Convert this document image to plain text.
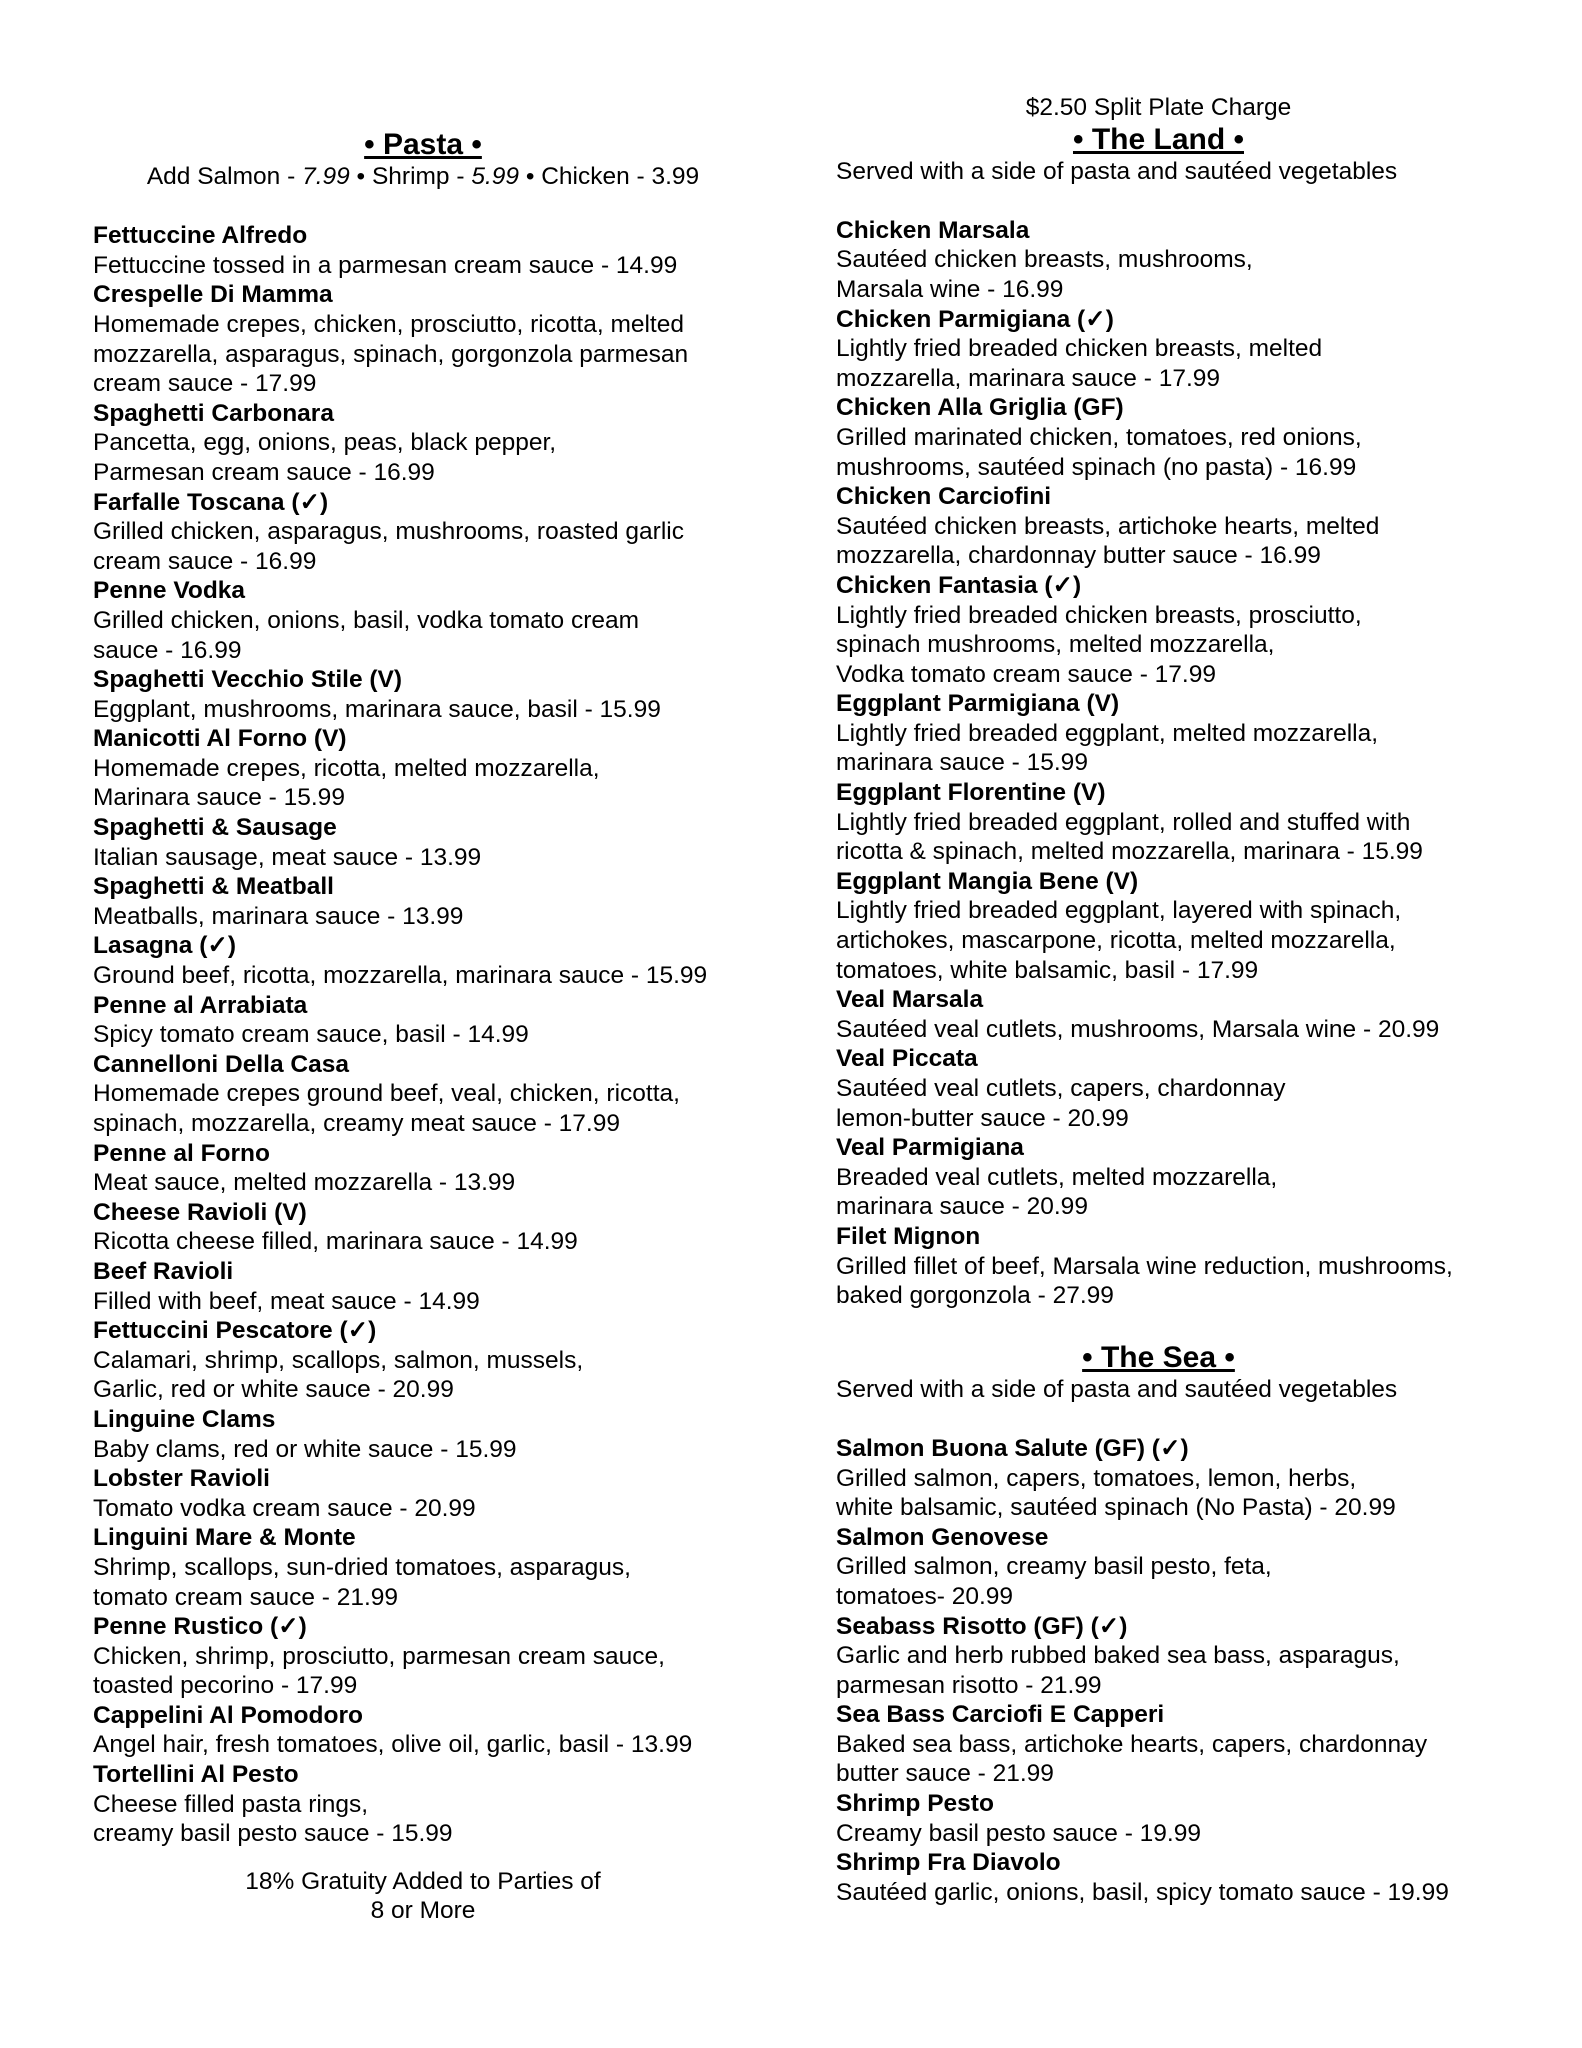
• Pasta •
Add Salmon - 7.99 • Shrimp - 5.99 • Chicken - 3.99
Fettuccine Alfredo
Fettuccine tossed in a parmesan cream sauce - 14.99
Crespelle Di Mamma
Homemade crepes, chicken, prosciutto, ricotta, melted
mozzarella, asparagus, spinach, gorgonzola parmesan
cream sauce - 17.99
Spaghetti Carbonara
Pancetta, egg, onions, peas, black pepper,
Parmesan cream sauce - 16.99
Farfalle Toscana (✓)
Grilled chicken, asparagus, mushrooms, roasted garlic
cream sauce - 16.99
Penne Vodka
Grilled chicken, onions, basil, vodka tomato cream
sauce - 16.99
Spaghetti Vecchio Stile (V)
Eggplant, mushrooms, marinara sauce, basil - 15.99
Manicotti Al Forno (V)
Homemade crepes, ricotta, melted mozzarella,
Marinara sauce - 15.99
Spaghetti & Sausage
Italian sausage, meat sauce - 13.99
Spaghetti & Meatball
Meatballs, marinara sauce - 13.99
Lasagna (✓)
Ground beef, ricotta, mozzarella, marinara sauce - 15.99
Penne al Arrabiata
Spicy tomato cream sauce, basil - 14.99
Cannelloni Della Casa
Homemade crepes ground beef, veal, chicken, ricotta,
spinach, mozzarella, creamy meat sauce - 17.99
Penne al Forno
Meat sauce, melted mozzarella - 13.99
Cheese Ravioli (V)
Ricotta cheese filled, marinara sauce - 14.99
Beef Ravioli
Filled with beef, meat sauce - 14.99
Fettuccini Pescatore (✓)
Calamari, shrimp, scallops, salmon, mussels,
Garlic, red or white sauce - 20.99
Linguine Clams
Baby clams, red or white sauce - 15.99
Lobster Ravioli
Tomato vodka cream sauce - 20.99
Linguini Mare & Monte
Shrimp, scallops, sun-dried tomatoes, asparagus,
tomato cream sauce - 21.99
Penne Rustico (✓)
Chicken, shrimp, prosciutto, parmesan cream sauce,
toasted pecorino - 17.99
Cappelini Al Pomodoro
Angel hair, fresh tomatoes, olive oil, garlic, basil - 13.99
Tortellini Al Pesto
Cheese filled pasta rings,
creamy basil pesto sauce - 15.99
18% Gratuity Added to Parties of
8 or More
$2.50 Split Plate Charge
• The Land •
Served with a side of pasta and sautéed vegetables
Chicken Marsala
Sautéed chicken breasts, mushrooms,
Marsala wine - 16.99
Chicken Parmigiana (✓)
Lightly fried breaded chicken breasts, melted
mozzarella, marinara sauce - 17.99
Chicken Alla Griglia (GF)
Grilled marinated chicken, tomatoes, red onions,
mushrooms, sautéed spinach (no pasta) - 16.99
Chicken Carciofini
Sautéed chicken breasts, artichoke hearts, melted
mozzarella, chardonnay butter sauce - 16.99
Chicken Fantasia (✓)
Lightly fried breaded chicken breasts, prosciutto,
spinach mushrooms, melted mozzarella,
Vodka tomato cream sauce - 17.99
Eggplant Parmigiana (V)
Lightly fried breaded eggplant, melted mozzarella,
marinara sauce - 15.99
Eggplant Florentine (V)
Lightly fried breaded eggplant, rolled and stuffed with
ricotta & spinach, melted mozzarella, marinara - 15.99
Eggplant Mangia Bene (V)
Lightly fried breaded eggplant, layered with spinach,
artichokes, mascarpone, ricotta, melted mozzarella,
tomatoes, white balsamic, basil - 17.99
Veal Marsala
Sautéed veal cutlets, mushrooms, Marsala wine - 20.99
Veal Piccata
Sautéed veal cutlets, capers, chardonnay
lemon-butter sauce - 20.99
Veal Parmigiana
Breaded veal cutlets, melted mozzarella,
marinara sauce - 20.99
Filet Mignon
Grilled fillet of beef, Marsala wine reduction, mushrooms,
baked gorgonzola - 27.99
• The Sea •
Served with a side of pasta and sautéed vegetables
Salmon Buona Salute (GF) (✓)
Grilled salmon, capers, tomatoes, lemon, herbs,
white balsamic, sautéed spinach (No Pasta) - 20.99
Salmon Genovese
Grilled salmon, creamy basil pesto, feta,
tomatoes- 20.99
Seabass Risotto (GF) (✓)
Garlic and herb rubbed baked sea bass, asparagus,
parmesan risotto - 21.99
Sea Bass Carciofi E Capperi
Baked sea bass, artichoke hearts, capers, chardonnay
butter sauce - 21.99
Shrimp Pesto
Creamy basil pesto sauce - 19.99
Shrimp Fra Diavolo
Sautéed garlic, onions, basil, spicy tomato sauce - 19.99
